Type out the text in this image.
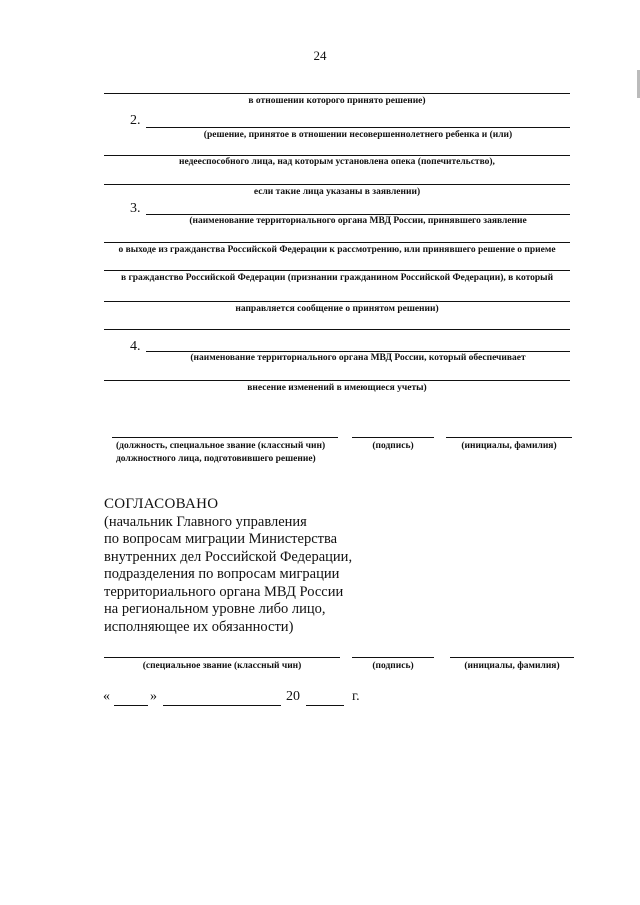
24
в отношении которого принято решение)
2.
(решение, принятое в отношении несовершеннолетнего ребенка и (или)
недееспособного лица, над которым установлена опека (попечительство),
если такие лица указаны в заявлении)
3.
(наименование территориального органа МВД России, принявшего заявление
о выходе из гражданства Российской Федерации к рассмотрению, или принявшего решение о приеме
в гражданство Российской Федерации (признании гражданином Российской Федерации), в который
направляется сообщение о принятом решении)
4.
(наименование территориального органа МВД России, который обеспечивает
внесение изменений в имеющиеся учеты)
(должность, специальное звание (классный чин)
должностного лица, подготовившего решение)
(подпись)	(инициалы, фамилия)
СОГЛАСОВАНО
(начальник Главного управления
по вопросам миграции Министерства
внутренних дел Российской Федерации,
подразделения по вопросам миграции
территориального органа МВД России
на региональном уровне либо лицо,
исполняющее их обязанности)
(специальное звание (классный чин)	(подпись)	(инициалы, фамилия)
«	»	20	г.
